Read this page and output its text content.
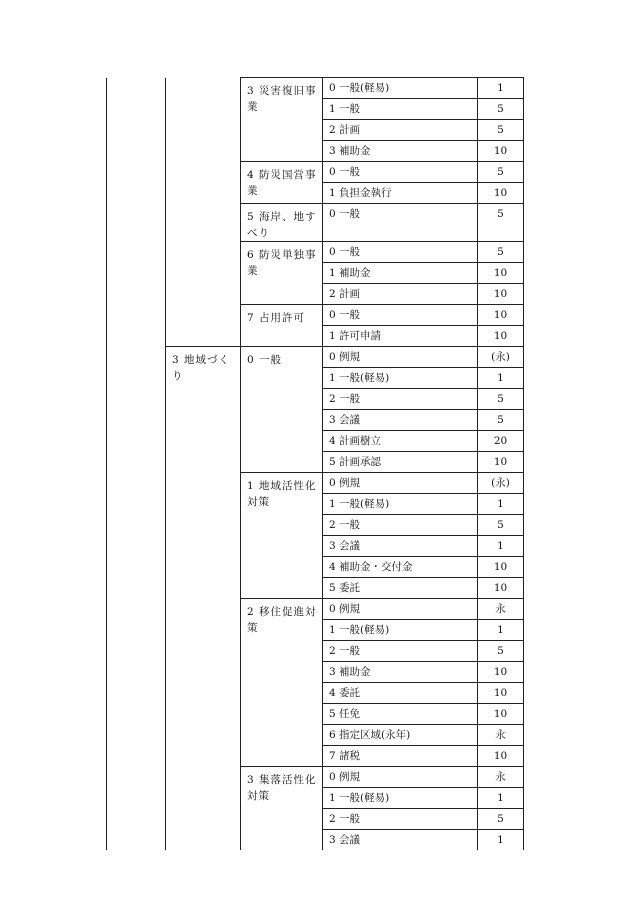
		3 災害復旧事業	0 一般(軽易)	1

			1 一般	5

			2 計画	5

			3 補助金	10

		4 防災国営事業	0 一般	5

			1 負担金執行	10

		5 海岸、地すべり	0 一般	5

		6 防災単独事業	0 一般	5

			1 補助金	10

			2 計画	10

		7 占用許可	0 一般	10

			1 許可申請	10

	3 地域づくり	0 一般	0 例規	(永)

			1 一般(軽易)	1

			2 一般	5

			3 会議	5

			4 計画樹立	20

			5 計画承認	10

		1 地域活性化対策	0 例規	(永)

			1 一般(軽易)	1

			2 一般	5

			3 会議	1

			4 補助金・交付金	10

			5 委託	10

		2 移住促進対策	0 例規	永

			1 一般(軽易)	1

			2 一般	5

			3 補助金	10

			4 委託	10

			5 任免	10

			6 指定区域(永年)	永

			7 諸税	10

		3 集落活性化対策	0 例規	永

			1 一般(軽易)	1

			2 一般	5

			3 会議	1
